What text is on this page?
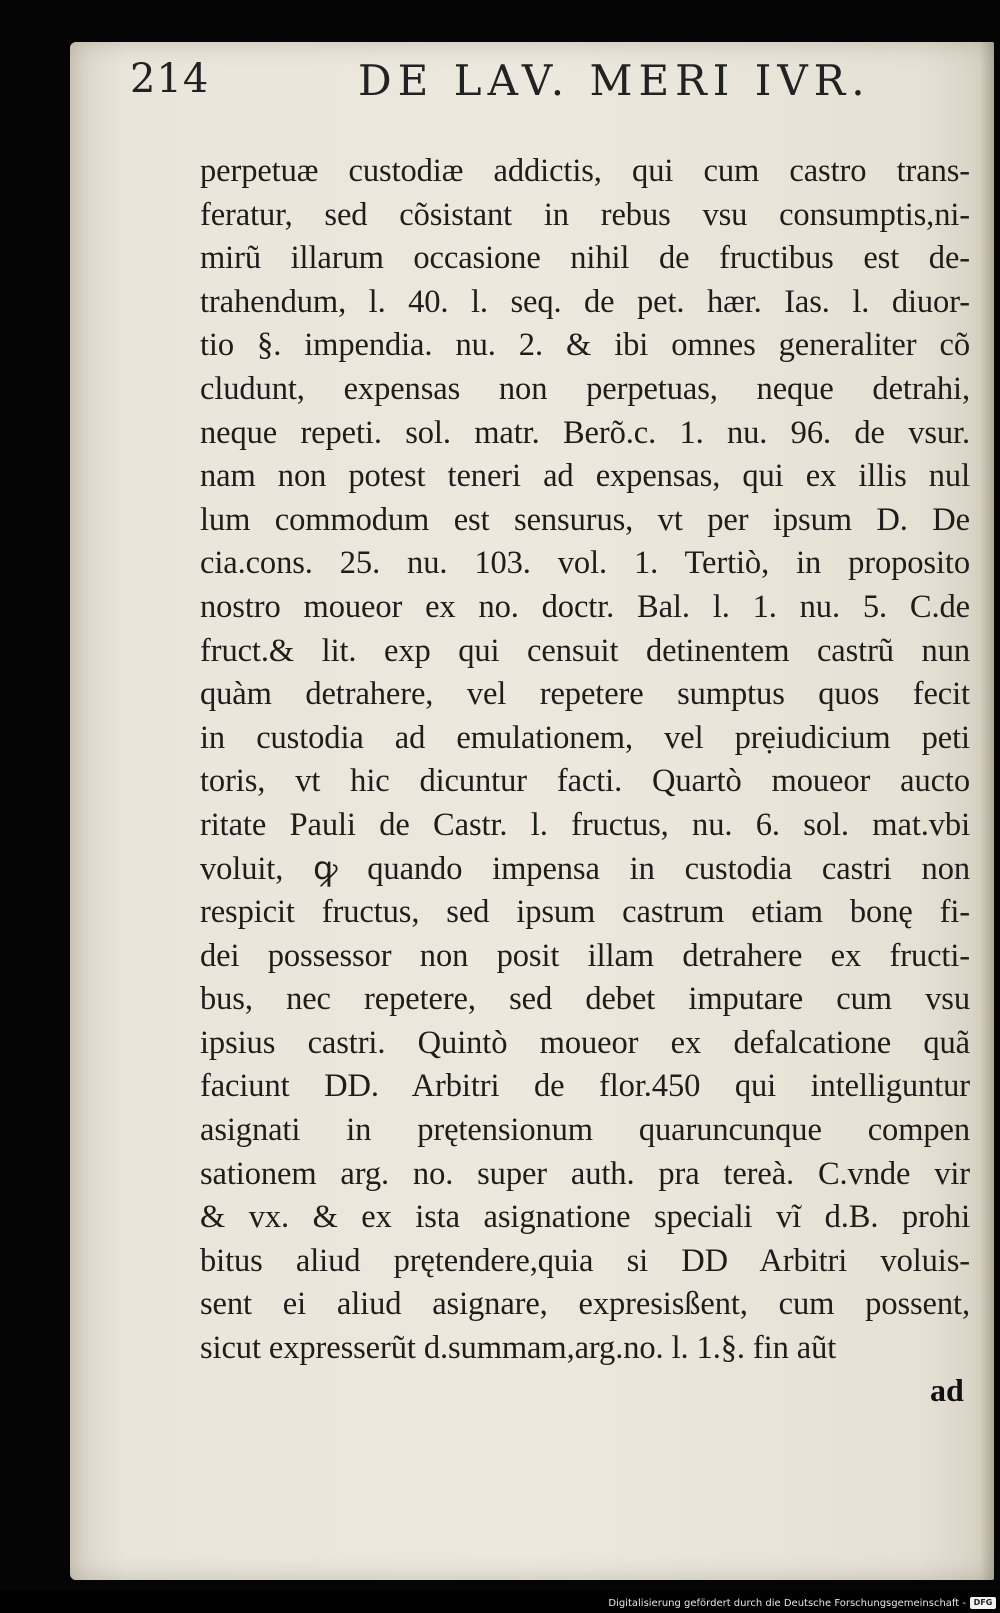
214	DE LAV. MERI IVR.
perpetuæ custodiæ addictis, qui cum castro trans-
feratur, sed cõsistant in rebus vsu consumptis,ni-
mirũ illarum occasione nihil de fructibus est de-
trahendum, l. 40. l. seq. de pet. hær. Ias. l. diuor-
tio §. impendia. nu. 2. & ibi omnes generaliter cõ
cludunt, expensas non perpetuas, neque detrahi,
neque repeti. sol. matr. Berõ.c. 1. nu. 96. de vsur.
nam non potest teneri ad expensas, qui ex illis nul
lum commodum est sensurus, vt per ipsum D. De
cia.cons. 25. nu. 103. vol. 1. Tertiò, in proposito
nostro moueor ex no. doctr. Bal. l. 1. nu. 5. C.de
fruct.& lit. exp qui censuit detinentem castrũ nun
quàm detrahere, vel repetere sumptus quos fecit
in custodia ad emulationem, vel prẹiudicium peti
toris, vt hic dicuntur facti. Quartò moueor aucto
ritate Pauli de Castr. l. fructus, nu. 6. sol. mat.vbi
voluit, ꝙ quando impensa in custodia castri non
respicit fructus, sed ipsum castrum etiam bonę fi-
dei possessor non posit illam detrahere ex fructi-
bus, nec repetere, sed debet imputare cum vsu
ipsius castri. Quintò moueor ex defalcatione quã
faciunt DD. Arbitri de flor.450 qui intelliguntur
asignati in prętensionum quaruncunque compen
sationem arg. no. super auth. pra tereà. C.vnde vir
& vx. & ex ista asignatione speciali vĩ d.B. prohi
bitus aliud prętendere,quia si DD Arbitri voluis-
sent ei aliud asignare, expresisßent, cum possent,
sicut expresserũt d.summam,arg.no. l. 1.§. fin aũt
ad
Digitalisierung gefördert durch die Deutsche Forschungsgemeinschaft - DFG
